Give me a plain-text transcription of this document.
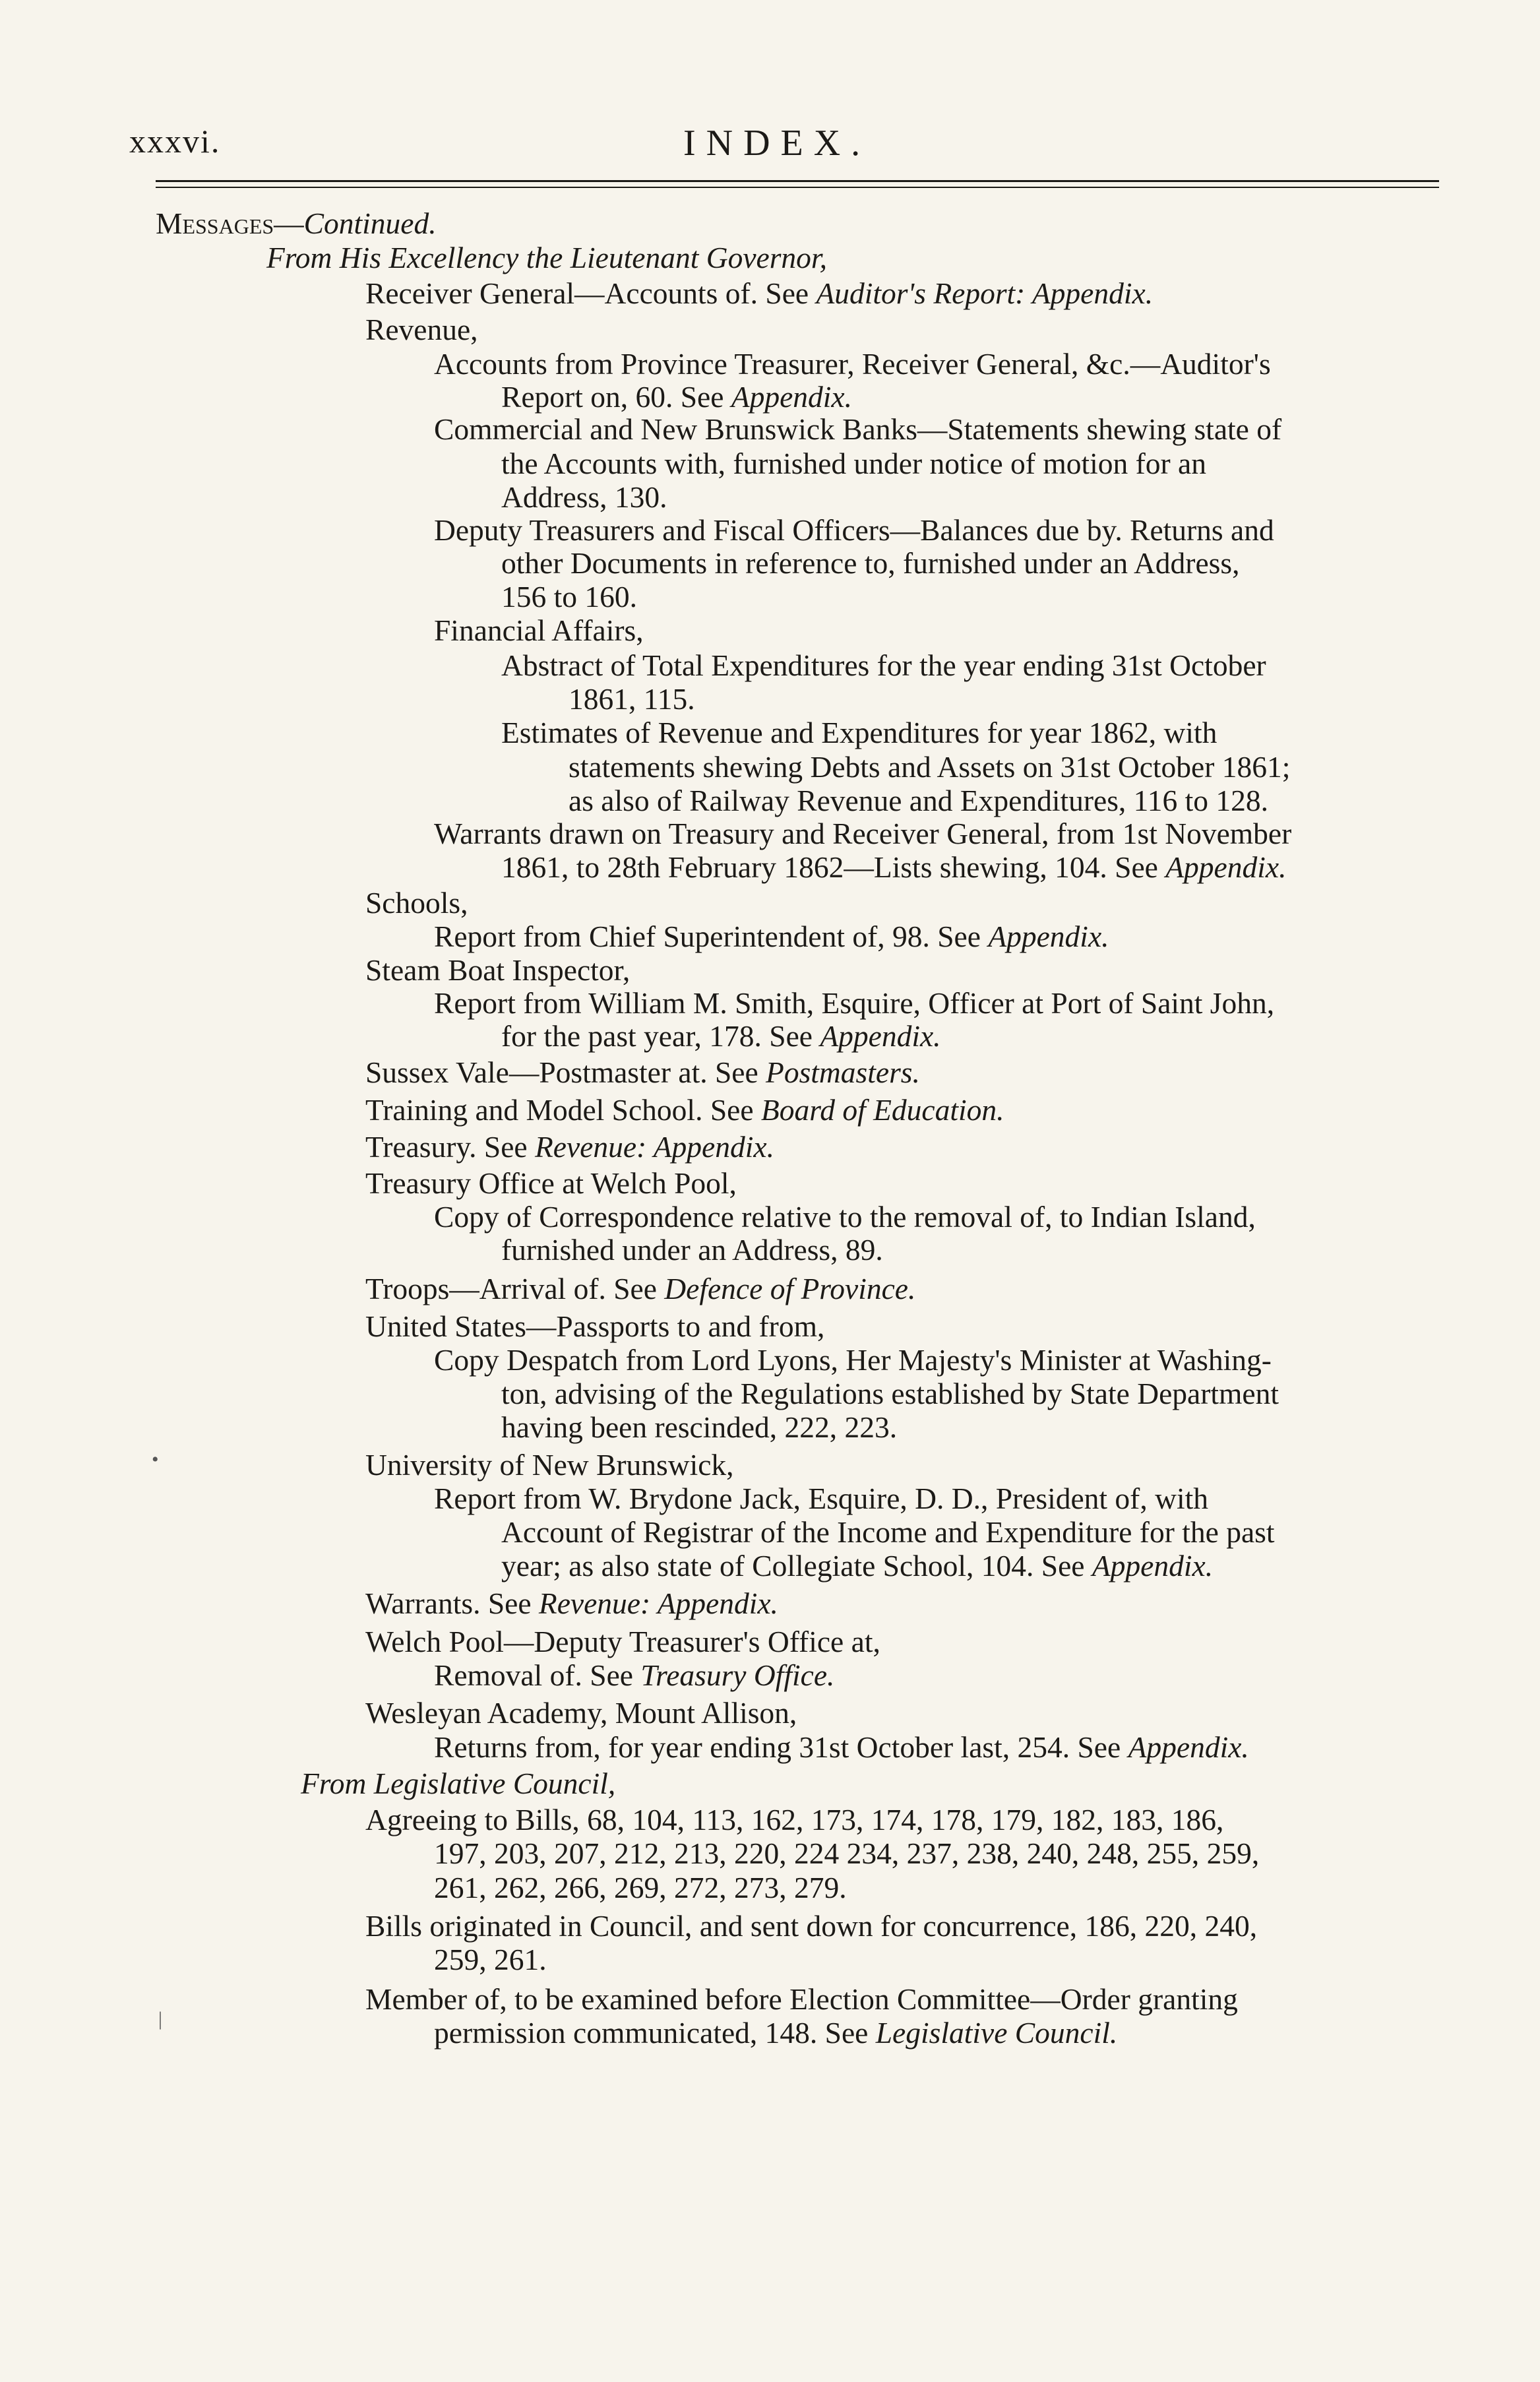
xxxvi.	INDEX.
Messages—Continued.
From His Excellency the Lieutenant Governor,
Receiver General—Accounts of. See Auditor's Report: Appendix.
Revenue,
Accounts from Province Treasurer, Receiver General, &c.—Auditor's
Report on, 60. See Appendix.
Commercial and New Brunswick Banks—Statements shewing state of
the Accounts with, furnished under notice of motion for an
Address, 130.
Deputy Treasurers and Fiscal Officers—Balances due by. Returns and
other Documents in reference to, furnished under an Address,
156 to 160.
Financial Affairs,
Abstract of Total Expenditures for the year ending 31st October
1861, 115.
Estimates of Revenue and Expenditures for year 1862, with
statements shewing Debts and Assets on 31st October 1861;
as also of Railway Revenue and Expenditures, 116 to 128.
Warrants drawn on Treasury and Receiver General, from 1st November
1861, to 28th February 1862—Lists shewing, 104. See Appendix.
Schools,
Report from Chief Superintendent of, 98. See Appendix.
Steam Boat Inspector,
Report from William M. Smith, Esquire, Officer at Port of Saint John,
for the past year, 178. See Appendix.
Sussex Vale—Postmaster at. See Postmasters.
Training and Model School. See Board of Education.
Treasury. See Revenue: Appendix.
Treasury Office at Welch Pool,
Copy of Correspondence relative to the removal of, to Indian Island,
furnished under an Address, 89.
Troops—Arrival of. See Defence of Province.
United States—Passports to and from,
Copy Despatch from Lord Lyons, Her Majesty's Minister at Washing-
ton, advising of the Regulations established by State Department
having been rescinded, 222, 223.
University of New Brunswick,
Report from W. Brydone Jack, Esquire, D. D., President of, with
Account of Registrar of the Income and Expenditure for the past
year; as also state of Collegiate School, 104. See Appendix.
Warrants. See Revenue: Appendix.
Welch Pool—Deputy Treasurer's Office at,
Removal of. See Treasury Office.
Wesleyan Academy, Mount Allison,
Returns from, for year ending 31st October last, 254. See Appendix.
From Legislative Council,
Agreeing to Bills, 68, 104, 113, 162, 173, 174, 178, 179, 182, 183, 186,
197, 203, 207, 212, 213, 220, 224 234, 237, 238, 240, 248, 255, 259,
261, 262, 266, 269, 272, 273, 279.
Bills originated in Council, and sent down for concurrence, 186, 220, 240,
259, 261.
Member of, to be examined before Election Committee—Order granting
permission communicated, 148. See Legislative Council.
•
|
